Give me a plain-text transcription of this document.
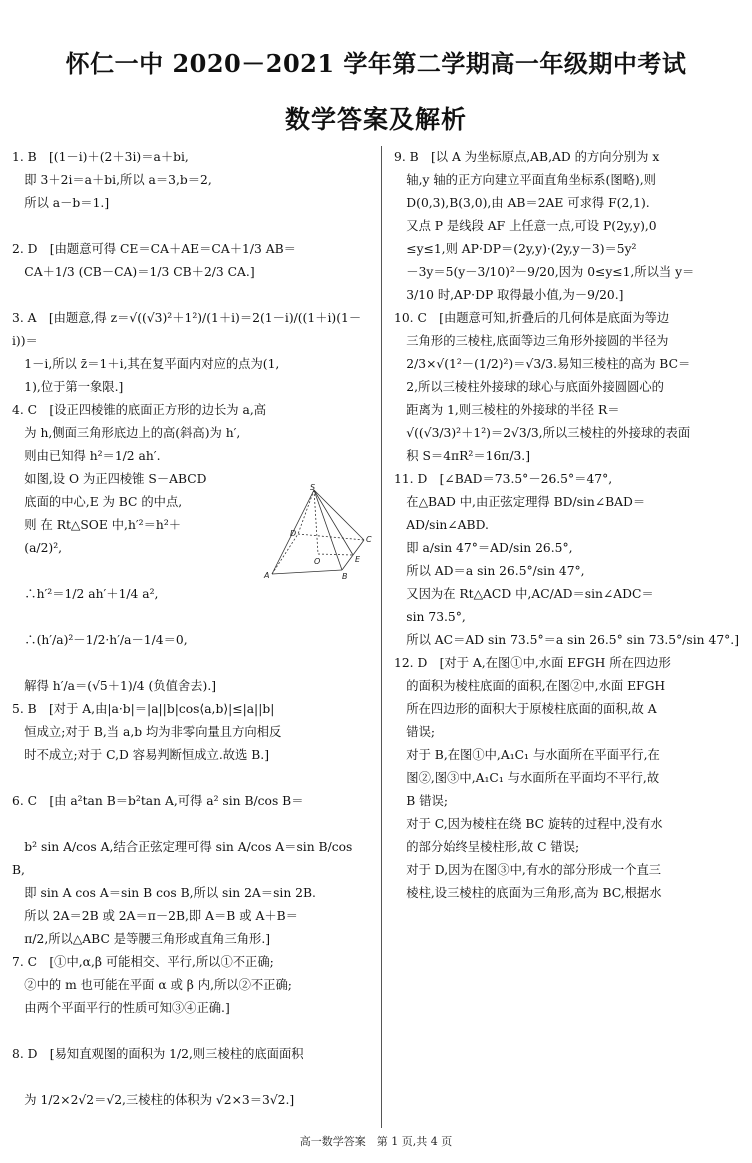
怀仁一中 2020－2021 学年第二学期高一年级期中考试
数学答案及解析
1. B　[(1－i)＋(2＋3i)＝a＋bi,
　即 3＋2i＝a＋bi,所以 a＝3,b＝2,
　所以 a－b＝1.]
2. D　[由题意可得 CE＝CA＋AE＝CA＋1/3 AB＝
　CA＋1/3 (CB－CA)＝1/3 CB＋2/3 CA.]
3. A　[由题意,得 z＝√((√3)²＋1²)/(1＋i)＝2(1－i)/((1＋i)(1－i))＝
　1－i,所以 z̄＝1＋i,其在复平面内对应的点为(1,
　1),位于第一象限.]
4. C　[设正四棱锥的底面正方形的边长为 a,高
　为 h,侧面三角形底边上的高(斜高)为 h′,
　则由已知得 h²＝1/2 ah′.
　如图,设 O 为正四棱锥 S－ABCD
　底面的中心,E 为 BC 的中点,
　则 在 Rt△SOE 中,h′²＝h²＋
　(a/2)²,
　∴h′²＝1/2 ah′＋1/4 a²,
　∴(h′/a)²－1/2·h′/a－1/4＝0,
　解得 h′/a＝(√5＋1)/4 (负值舍去).]
5. B　[对于 A,由|a·b|＝|a||b|cos⟨a,b⟩|≤|a||b|
　恒成立;对于 B,当 a,b 均为非零向量且方向相反
　时不成立;对于 C,D 容易判断恒成立.故选 B.]
6. C　[由 a²tan B＝b²tan A,可得 a² sin B/cos B＝
　b² sin A/cos A,结合正弦定理可得 sin A/cos A＝sin B/cos B,
　即 sin A cos A＝sin B cos B,所以 sin 2A＝sin 2B.
　所以 2A＝2B 或 2A＝π－2B,即 A＝B 或 A＋B＝
　π/2,所以△ABC 是等腰三角形或直角三角形.]
7. C　[①中,α,β 可能相交、平行,所以①不正确;
　②中的 m 也可能在平面 α 或 β 内,所以②不正确;
　由两个平面平行的性质可知③④正确.]
8. D　[易知直观图的面积为 1/2,则三棱柱的底面面积
　为 1/2×2√2＝√2,三棱柱的体积为 √2×3＝3√2.]
9. B　[以 A 为坐标原点,AB,AD 的方向分别为 x
　轴,y 轴的正方向建立平面直角坐标系(图略),则
　D(0,3),B(3,0),由 AB＝2AE 可求得 F(2,1).
　又点 P 是线段 AF 上任意一点,可设 P(2y,y),0
　≤y≤1,则 AP·DP＝(2y,y)·(2y,y－3)＝5y²
　－3y＝5(y－3/10)²－9/20,因为 0≤y≤1,所以当 y＝
　3/10 时,AP·DP 取得最小值,为－9/20.]
10. C　[由题意可知,折叠后的几何体是底面为等边
　三角形的三棱柱,底面等边三角形外接圆的半径为
　2/3×√(1²－(1/2)²)＝√3/3.易知三棱柱的高为 BC＝
　2,所以三棱柱外接球的球心与底面外接圆圆心的
　距离为 1,则三棱柱的外接球的半径 R＝
　√((√3/3)²＋1²)＝2√3/3,所以三棱柱的外接球的表面
　积 S＝4πR²＝16π/3.]
11. D　[∠BAD＝73.5°－26.5°＝47°,
　在△BAD 中,由正弦定理得 BD/sin∠BAD＝
　AD/sin∠ABD.
　即 a/sin 47°＝AD/sin 26.5°,
　所以 AD＝a sin 26.5°/sin 47°,
　又因为在 Rt△ACD 中,AC/AD＝sin∠ADC＝
　sin 73.5°,
　所以 AC＝AD sin 73.5°＝a sin 26.5° sin 73.5°/sin 47°.]
12. D　[对于 A,在图①中,水面 EFGH 所在四边形
　的面积为棱柱底面的面积,在图②中,水面 EFGH
　所在四边形的面积大于原棱柱底面的面积,故 A
　错误;
　对于 B,在图①中,A₁C₁ 与水面所在平面平行,在
　图②,图③中,A₁C₁ 与水面所在平面均不平行,故
　B 错误;
　对于 C,因为棱柱在绕 BC 旋转的过程中,没有水
　的部分始终呈棱柱形,故 C 错误;
　对于 D,因为在图③中,有水的部分形成一个直三
　棱柱,设三棱柱的底面为三角形,高为 BC,根据水
S
D
C
A	B
O	E
高一数学答案　第 1 页,共 4 页
